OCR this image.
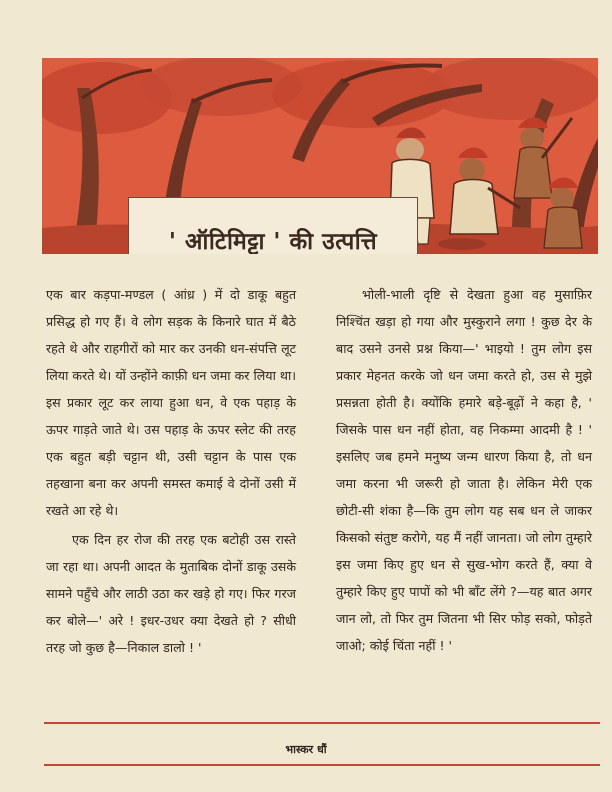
' ऑटिमिट्टा ' की उत्पत्ति

एक बार कड़पा-मण्डल ( आंध्र ) में दो डाकू बहुत प्रसिद्ध हो गए हैं। वे लोग सड़क के किनारे घात में बैठे रहते थे और राहगीरों को मार कर उनकी धन-संपत्ति लूट लिया करते थे। यों उन्होंने काफ़ी धन जमा कर लिया था। इस प्रकार लूट कर लाया हुआ धन, वे एक पहाड़ के ऊपर गाड़ते जाते थे। उस पहाड़ के ऊपर स्लेट की तरह एक बहुत बड़ी चट्टान थी, उसी चट्टान के पास एक तहखाना बना कर अपनी समस्त कमाई वे दोनों उसी में रखते आ रहे थे।

एक दिन हर रोज की तरह एक बटोही उस रास्ते जा रहा था। अपनी आदत के मुताबिक दोनों डाकू उसके सामने पहुँचे और लाठी उठा कर खड़े हो गए। फिर गरज कर बोले—' अरे ! इधर-उधर क्या देखते हो ? सीधी तरह जो कुछ है—निकाल डालो ! '

भोली-भाली दृष्टि से देखता हुआ वह मुसाफ़िर निश्चिंत खड़ा हो गया और मुस्कुराने लगा ! कुछ देर के बाद उसने उनसे प्रश्न किया—' भाइयो ! तुम लोग इस प्रकार मेहनत करके जो धन जमा करते हो, उस से मुझे प्रसन्नता होती है। क्योंकि हमारे बड़े-बूढ़ों ने कहा है, ' जिसके पास धन नहीं होता, वह निकम्मा आदमी है ! ' इसलिए जब हमने मनुष्य जन्म धारण किया है, तो धन जमा करना भी जरूरी हो जाता है। लेकिन मेरी एक छोटी-सी शंका है—कि तुम लोग यह सब धन ले जाकर किसको संतुष्ट करोगे, यह मैं नहीं जानता। जो लोग तुम्हारे इस जमा किए हुए धन से सुख-भोग करते हैं, क्या वे तुम्हारे किए हुए पापों को भी बाँट लेंगे ?—यह बात अगर जान लो, तो फिर तुम जितना भी सिर फोड़ सको, फोड़ते जाओ; कोई चिंता नहीं ! '

भास्कर धौं
